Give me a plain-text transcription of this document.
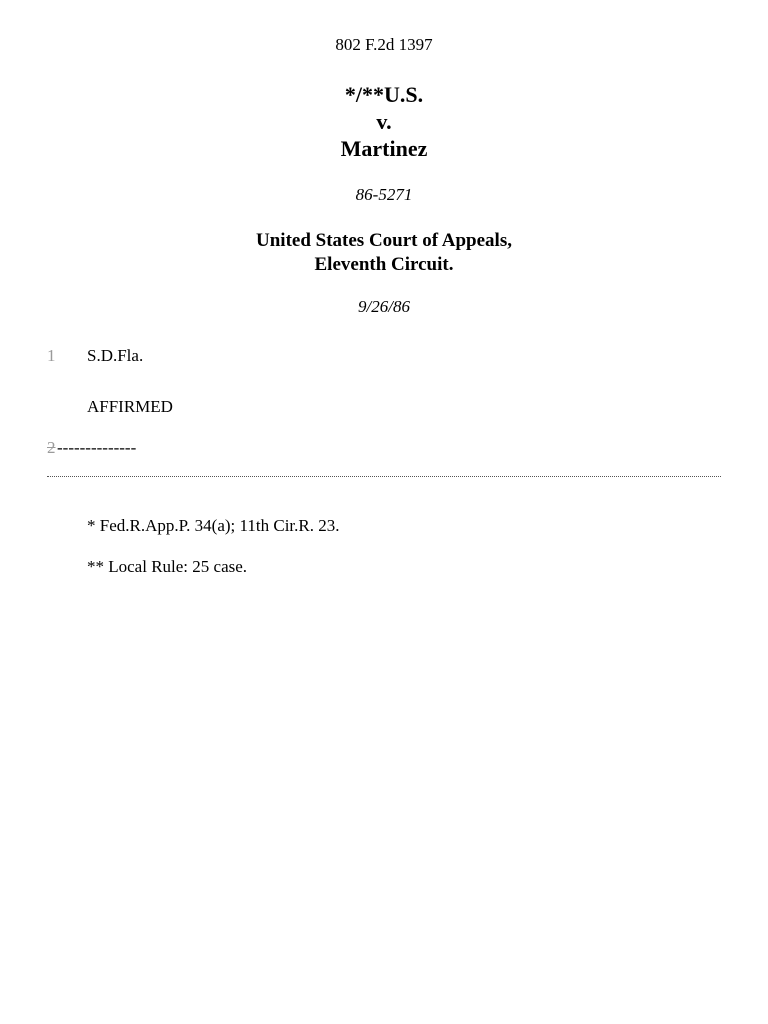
802 F.2d 1397
*/**U.S.
v.
Martinez
86-5271
United States Court of Appeals,
Eleventh Circuit.
9/26/86
1 S.D.Fla.
AFFIRMED
2 --------------
* Fed.R.App.P. 34(a); 11th Cir.R. 23.
** Local Rule: 25 case.
